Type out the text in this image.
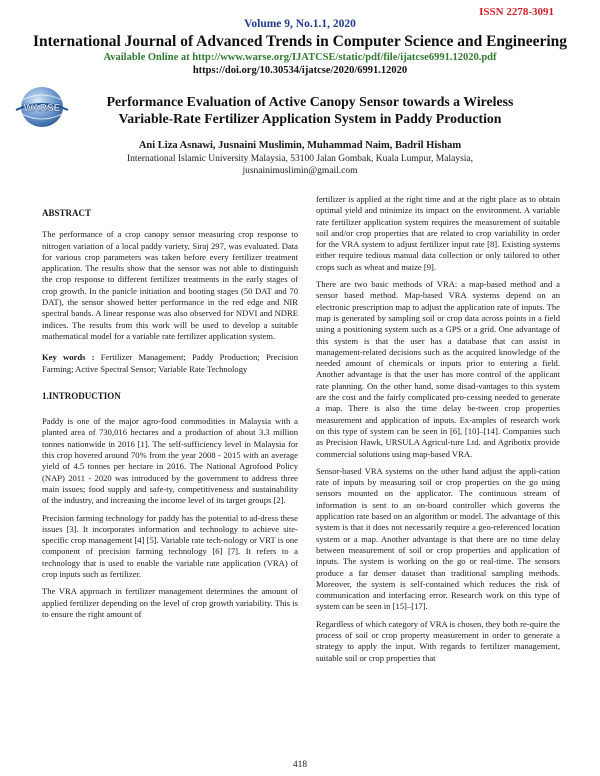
ISSN 2278-3091
Volume 9, No.1.1, 2020
International Journal of Advanced Trends in Computer Science and Engineering
Available Online at http://www.warse.org/IJATCSE/static/pdf/file/ijatcse6991.12020.pdf
https://doi.org/10.30534/ijatcse/2020/6991.12020
WARSE	Performance Evaluation of Active Canopy Sensor towards a Wireless
Variable-Rate Fertilizer Application System in Paddy Production
Ani Liza Asnawi, Jusnaini Muslimin, Muhammad Naim, Badril Hisham
International Islamic University Malaysia, 53100 Jalan Gombak, Kuala Lumpur, Malaysia,
jusnainimuslimin@gmail.com

ABSTRACT

The performance of a crop canopy sensor measuring crop response to nitrogen variation of a local paddy variety, Siraj 297, was evaluated. Data for various crop parameters was taken before every fertilizer treatment application. The results show that the sensor was not able to distinguish the crop response to different fertilizer treatments in the early stages of crop growth. In the panicle initiation and booting stages (50 DAT and 70 DAT), the sensor showed better performance in the red edge and NIR spectral bands. A linear response was also observed for NDVI and NDRE indices. The results from this work will be used to develop a suitable mathematical model for a variable rate fertilizer application system.

Key words : Fertilizer Management; Paddy Production; Precision Farming; Active Spectral Sensor; Variable Rate Technology

1.INTRODUCTION

Paddy is one of the major agro-food commodities in Malaysia with a planted area of 730,016 hectares and a production of about 3.3 million tonnes nationwide in 2016 [1]. The self-sufficiency level in Malaysia for this crop hovered around 70% from the year 2008 - 2015 with an average yield of 4.5 tonnes per hectare in 2016. The National Agrofood Policy (NAP) 2011 - 2020 was introduced by the government to address three main issues; food supply and safe-ty, competitiveness and sustainability of the industry, and increasing the income level of its target groups [2].

Precision farming technology for paddy has the potential to ad-dress these issues [3]. It incorporates information and technology to achieve site-specific crop management [4] [5]. Variable rate tech-nology or VRT is one component of precision farming technology [6] [7]. It refers to a technology that is used to enable the variable rate application (VRA) of crop inputs such as fertilizer.

The VRA approach in fertilizer management determines the amount of applied fertilizer depending on the level of crop growth variability. This is to ensure the right amount of

fertilizer is applied at the right time and at the right place as to obtain optimal yield and minimize its impact on the environment. A variable rate fertilizer application system requires the measurement of suitable soil and/or crop properties that are related to crop variability in order for the VRA system to adjust fertilizer input rate [8]. Existing systems either require tedious manual data collection or only tailored to other crops such as wheat and maize [9].

There are two basic methods of VRA: a map-based method and a sensor based method. Map-based VRA systems depend on an electronic prescription map to adjust the application rate of inputs. The map is generated by sampling soil or crop data across points in a field using a positioning system such as a GPS or a grid. One advantage of this system is that the user has a database that can assist in management-related decisions such as the acquired knowledge of the needed amount of chemicals or inputs prior to entering a field. Another advantage is that the user has more control of the applicant rate planning. On the other hand, some disad-vantages to this system are the cost and the fairly complicated pro-cessing needed to generate a map. There is also the time delay be-tween crop properties measurement and application of inputs. Ex-amples of research work on this type of system can be seen in [6], [10]–[14]. Companies such as Precision Hawk, URSULA Agricul-ture Ltd. and Agribotix provide commercial solutions using map-based VRA.

Sensor-based VRA systems on the other hand adjust the appli-cation rate of inputs by measuring soil or crop properties on the go using sensors mounted on the applicator. The continuous stream of information is sent to an on-board controller which governs the application rate based on an algorithm or model. The advantage of this system is that it does not necessarily require a geo-referenced location system or a map. Another advantage is that there are no time delay between measurement of soil or crop properties and application of inputs. The system is working on the go or real-time. The sensors produce a far denser dataset than traditional sampling methods. Moreover, the system is self-contained which reduces the risk of communication and interfacing error. Research work on this type of system can be seen in [15]–[17].

Regardless of which category of VRA is chosen, they both re-quire the process of soil or crop property measurement in order to generate a strategy to apply the input. With regards to fertilizer management, suitable soil or crop properties that

418
